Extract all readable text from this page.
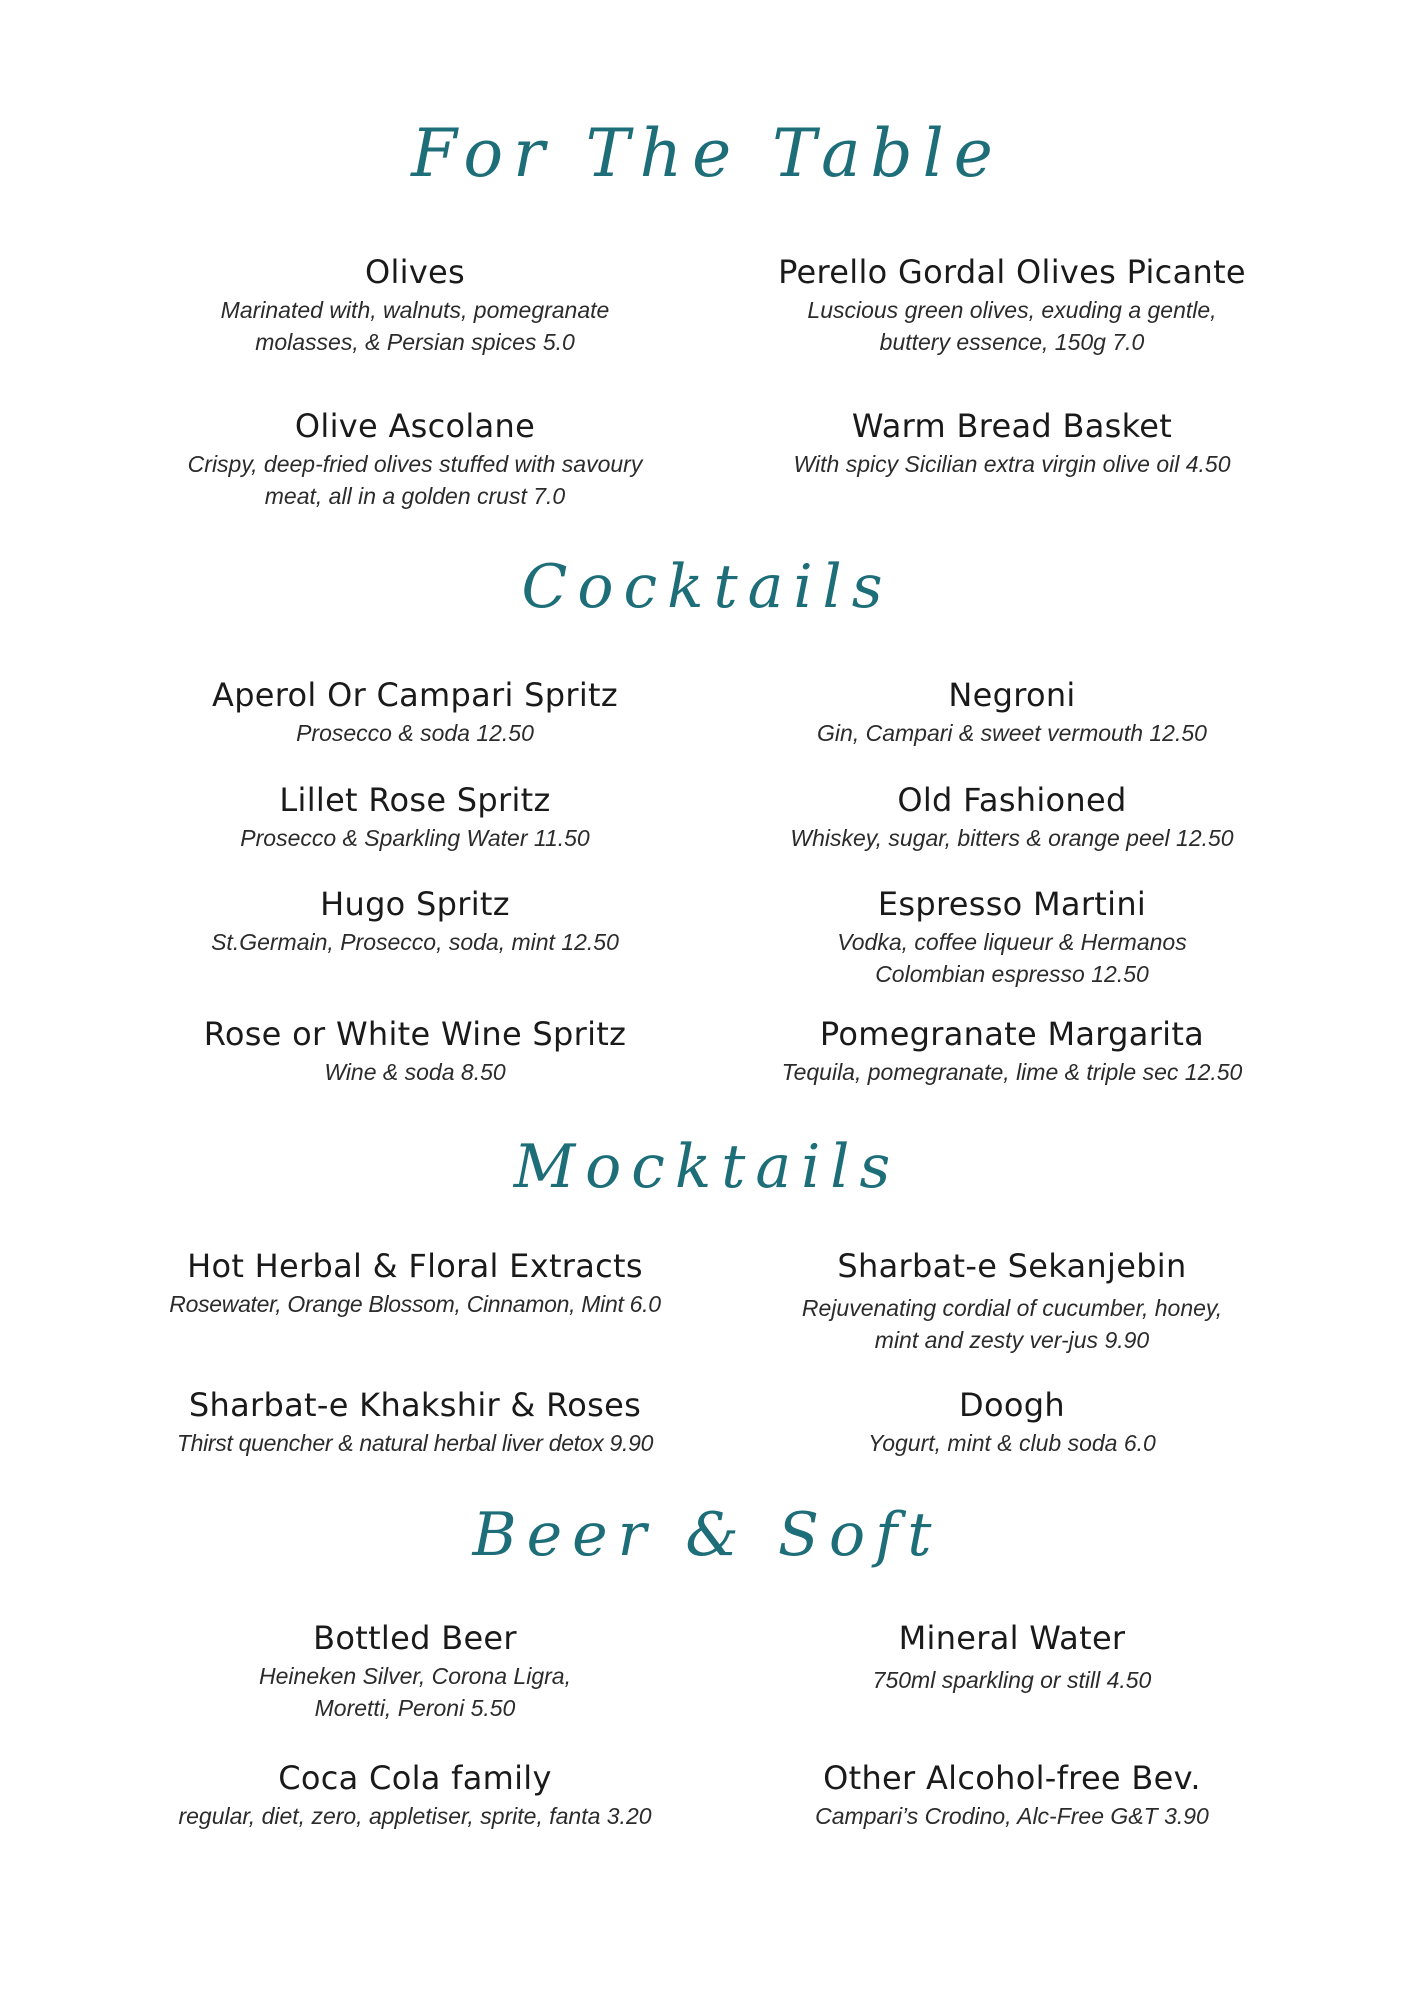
For The Table
Olives
Marinated with, walnuts, pomegranate
molasses, & Persian spices 5.0
Perello Gordal Olives Picante
Luscious green olives, exuding a gentle,
buttery essence, 150g 7.0
Olive Ascolane
Crispy, deep-fried olives stuffed with savoury
meat, all in a golden crust 7.0
Warm Bread Basket
With spicy Sicilian extra virgin olive oil 4.50
Cocktails
Aperol Or Campari Spritz
Prosecco & soda 12.50
Negroni
Gin, Campari & sweet vermouth 12.50
Lillet Rose Spritz
Prosecco & Sparkling Water 11.50
Old Fashioned
Whiskey, sugar, bitters & orange peel 12.50
Hugo Spritz
St.Germain, Prosecco, soda, mint 12.50
Espresso Martini
Vodka, coffee liqueur & Hermanos
Colombian espresso 12.50
Rose or White Wine Spritz
Wine & soda 8.50
Pomegranate Margarita
Tequila, pomegranate, lime & triple sec 12.50
Mocktails
Hot Herbal & Floral Extracts
Rosewater, Orange Blossom, Cinnamon, Mint 6.0
Sharbat-e Sekanjebin
Rejuvenating cordial of cucumber, honey,
mint and zesty ver-jus 9.90
Sharbat-e Khakshir & Roses
Thirst quencher & natural herbal liver detox 9.90
Doogh
Yogurt, mint & club soda 6.0
Beer & Soft
Bottled Beer
Heineken Silver, Corona Ligra,
Moretti, Peroni 5.50
Mineral Water
750ml sparkling or still 4.50
Coca Cola family
regular, diet, zero, appletiser, sprite, fanta 3.20
Other Alcohol-free Bev.
Campari’s Crodino, Alc-Free G&T 3.90
